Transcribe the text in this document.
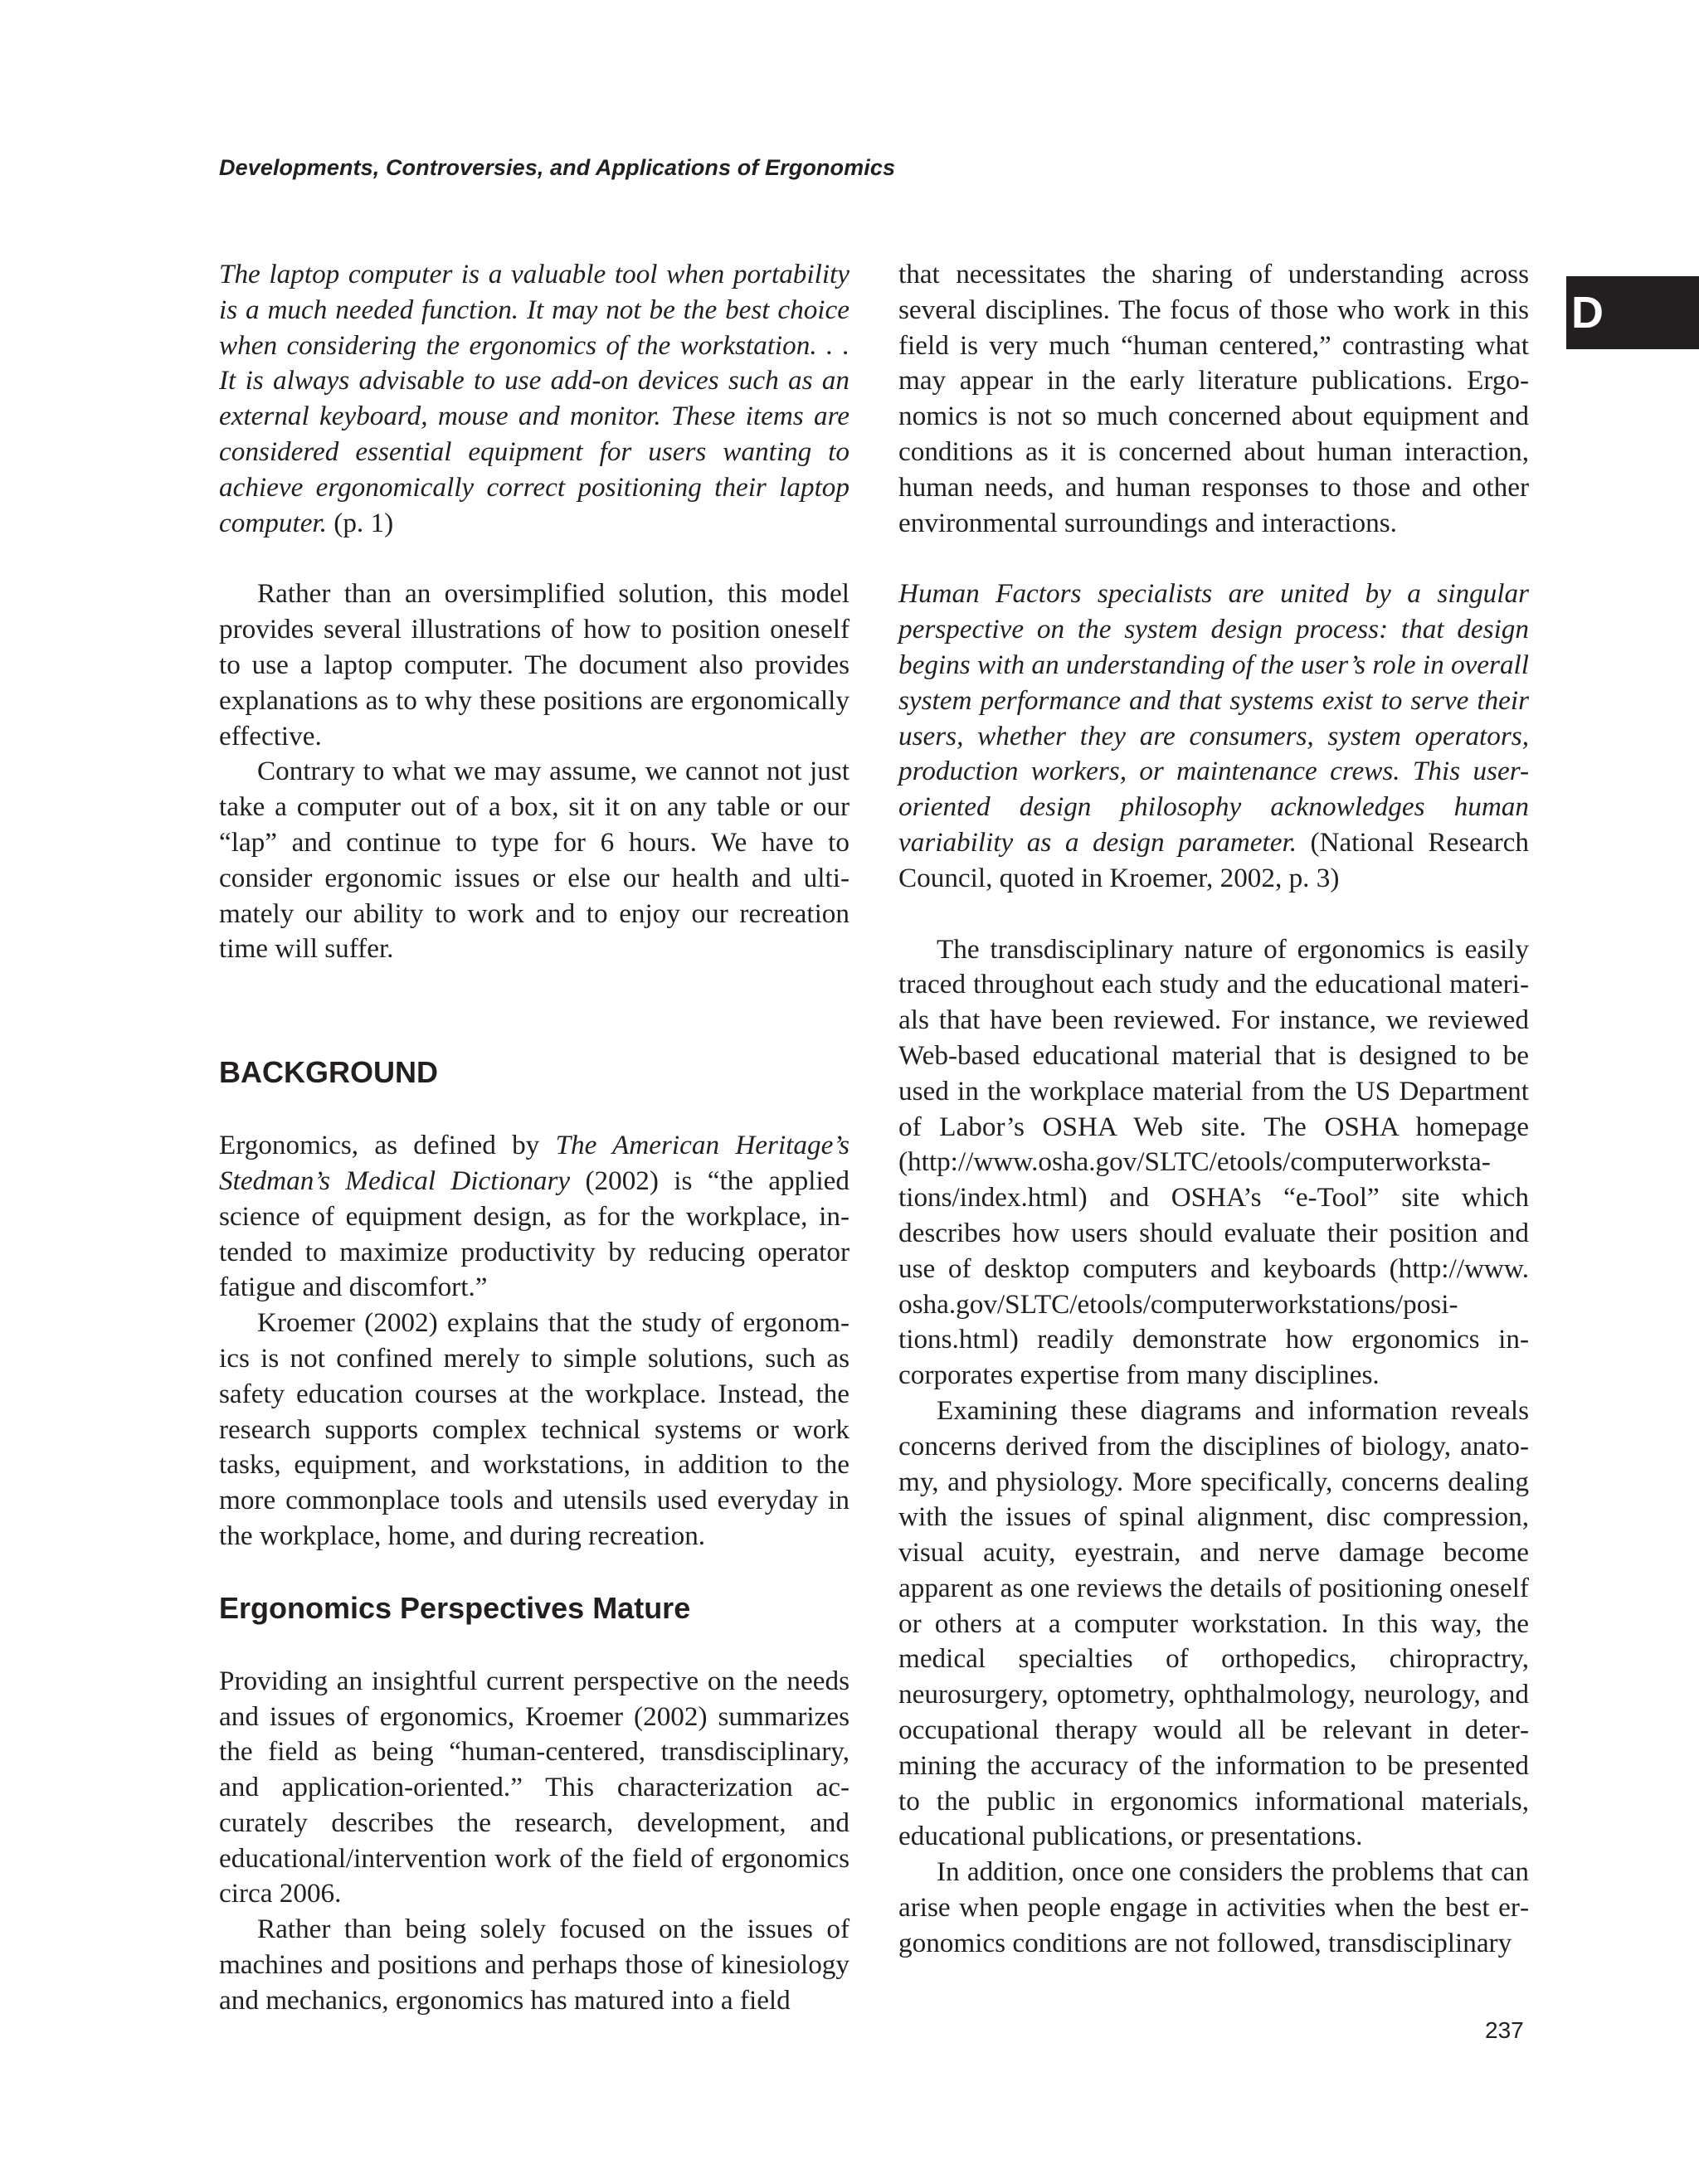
Developments, Controversies, and Applications of Ergonomics
D

The laptop computer is a valuable tool when portability is a much needed function. It may not be the best choice when considering the ergonomics of the workstation. . . It is always advisable to use add-on devices such as an external keyboard, mouse and monitor. These items are considered essential equipment for users wanting to achieve ergonomically correct positioning their laptop computer. (p. 1)

Rather than an oversimplified solution, this model provides several illustrations of how to position oneself to use a laptop computer. The document also provides explanations as to why these positions are ergonomically effective.

Contrary to what we may assume, we cannot not just take a computer out of a box, sit it on any table or our “lap” and continue to type for 6 hours. We have to consider ergonomic issues or else our health and ultimately our ability to work and to enjoy our recreation time will suffer.

BACKGROUND

Ergonomics, as defined by The American Heritage’s Stedman’s Medical Dictionary (2002) is “the applied science of equipment design, as for the workplace, intended to maximize productivity by reducing operator fatigue and discomfort.”

Kroemer (2002) explains that the study of ergonomics is not confined merely to simple solutions, such as safety education courses at the workplace. Instead, the research supports complex technical systems or work tasks, equipment, and workstations, in addition to the more commonplace tools and utensils used everyday in the workplace, home, and during recreation.

Ergonomics Perspectives Mature

Providing an insightful current perspective on the needs and issues of ergonomics, Kroemer (2002) summarizes the field as being “human-centered, transdisciplinary, and application-oriented.” This characterization accurately describes the research, development, and educational/intervention work of the field of ergonomics circa 2006.

Rather than being solely focused on the issues of machines and positions and perhaps those of kinesiology and mechanics, ergonomics has matured into a field

that necessitates the sharing of understanding across several disciplines. The focus of those who work in this field is very much “human centered,” contrasting what may appear in the early literature publications. Ergonomics is not so much concerned about equipment and conditions as it is concerned about human interaction, human needs, and human responses to those and other environmental surroundings and interactions.

Human Factors specialists are united by a singular perspective on the system design process: that design begins with an understanding of the user’s role in overall system performance and that systems exist to serve their users, whether they are consumers, system operators, production workers, or maintenance crews. This user-oriented design philosophy acknowledges human variability as a design parameter. (National Research Council, quoted in Kroemer, 2002, p. 3)

The transdisciplinary nature of ergonomics is easily traced throughout each study and the educational materials that have been reviewed. For instance, we reviewed Web-based educational material that is designed to be used in the workplace material from the US Department of Labor’s OSHA Web site. The OSHA homepage (http://www.osha.gov/SLTC/etools/computerworkstations/index.html) and OSHA’s “e-Tool” site which describes how users should evaluate their position and use of desktop computers and keyboards (http://www. osha.gov/SLTC/etools/computerworkstations/positions.html) readily demonstrate how ergonomics incorporates expertise from many disciplines.

Examining these diagrams and information reveals concerns derived from the disciplines of biology, anatomy, and physiology. More specifically, concerns dealing with the issues of spinal alignment, disc compression, visual acuity, eyestrain, and nerve damage become apparent as one reviews the details of positioning oneself or others at a computer workstation. In this way, the medical specialties of orthopedics, chiropractry, neurosurgery, optometry, ophthalmology, neurology, and occupational therapy would all be relevant in determining the accuracy of the information to be presented to the public in ergonomics informational materials, educational publications, or presentations.

In addition, once one considers the problems that can arise when people engage in activities when the best ergonomics conditions are not followed, transdisciplinary

237
